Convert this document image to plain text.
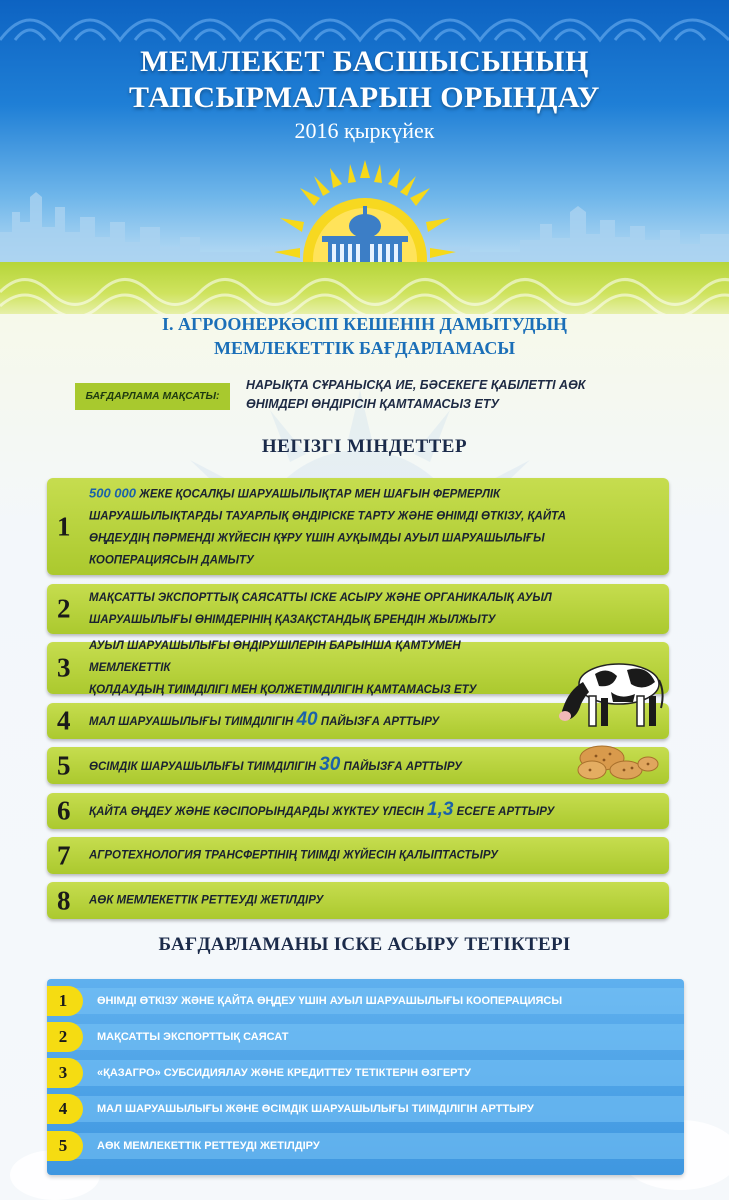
МЕМЛЕКЕТ БАСШЫСЫНЫҢ
ТАПСЫРМАЛАРЫН ОРЫНДАУ
2016 қыркүйек
I. АГРООНЕРКӘСІП КЕШЕНІН ДАМЫТУДЫҢ
МЕМЛЕКЕТТІК БАҒДАРЛАМАСЫ
БАҒДАРЛАМА МАҚСАТЫ:
НАРЫҚТА СҰРАНЫСҚА ИЕ, БӘСЕКЕГЕ ҚАБІЛЕТТІ АӨК
ӨНІМДЕРІ ӨНДІРІСІН ҚАМТАМАСЫЗ ЕТУ
НЕГІЗГІ МІНДЕТТЕР
1
500 000 ЖЕКЕ ҚОСАЛҚЫ ШАРУАШЫЛЫҚТАР МЕН ШАҒЫН ФЕРМЕРЛІК
ШАРУАШЫЛЫҚТАРДЫ ТАУАРЛЫҚ ӨНДІРІСКЕ ТАРТУ ЖӘНЕ ӨНІМДІ ӨТКІЗУ, ҚАЙТА
ӨҢДЕУДІҢ ПӘРМЕНДІ ЖҮЙЕСІН ҚҰРУ ҮШІН АУҚЫМДЫ АУЫЛ ШАРУАШЫЛЫҒЫ
КООПЕРАЦИЯСЫН ДАМЫТУ
2 МАҚСАТТЫ ЭКСПОРТТЫҚ САЯСАТТЫ ІСКЕ АСЫРУ ЖӘНЕ ОРГАНИКАЛЫҚ АУЫЛ
ШАРУАШЫЛЫҒЫ ӨНІМДЕРІНІҢ ҚАЗАҚСТАНДЫҚ БРЕНДІН ЖЫЛЖЫТУ
3
АУЫЛ ШАРУАШЫЛЫҒЫ ӨНДІРУШІЛЕРІН БАРЫНША ҚАМТУМЕН МЕМЛЕКЕТТІК
ҚОЛДАУДЫҢ ТИІМДІЛІГІ МЕН ҚОЛЖЕТІМДІЛІГІН ҚАМТАМАСЫЗ ЕТУ
4 МАЛ ШАРУАШЫЛЫҒЫ ТИІМДІЛІГІН 40 ПАЙЫЗҒА АРТТЫРУ
5 ӨСІМДІК ШАРУАШЫЛЫҒЫ ТИІМДІЛІГІН 30 ПАЙЫЗҒА АРТТЫРУ
6 ҚАЙТА ӨҢДЕУ ЖӘНЕ КӘСІПОРЫНДАРДЫ ЖҮКТЕУ ҮЛЕСІН 1,3 ЕСЕГЕ АРТТЫРУ
7 АГРОТЕХНОЛОГИЯ ТРАНСФЕРТІНІҢ ТИІМДІ ЖҮЙЕСІН ҚАЛЫПТАСТЫРУ
8 АӨК МЕМЛЕКЕТТІК РЕТТЕУДІ ЖЕТІЛДІРУ
БАҒДАРЛАМАНЫ ІСКЕ АСЫРУ ТЕТІКТЕРІ
1	ӨНІМДІ ӨТКІЗУ ЖӘНЕ ҚАЙТА ӨҢДЕУ ҮШІН АУЫЛ ШАРУАШЫЛЫҒЫ КООПЕРАЦИЯСЫ
2	МАҚСАТТЫ ЭКСПОРТТЫҚ САЯСАТ
3	«ҚАЗАГРО» СУБСИДИЯЛАУ ЖӘНЕ КРЕДИТТЕУ ТЕТІКТЕРІН ӨЗГЕРТУ
4	МАЛ ШАРУАШЫЛЫҒЫ ЖӘНЕ ӨСІМДІК ШАРУАШЫЛЫҒЫ ТИІМДІЛІГІН АРТТЫРУ
5	АӨК МЕМЛЕКЕТТІК РЕТТЕУДІ ЖЕТІЛДІРУ
